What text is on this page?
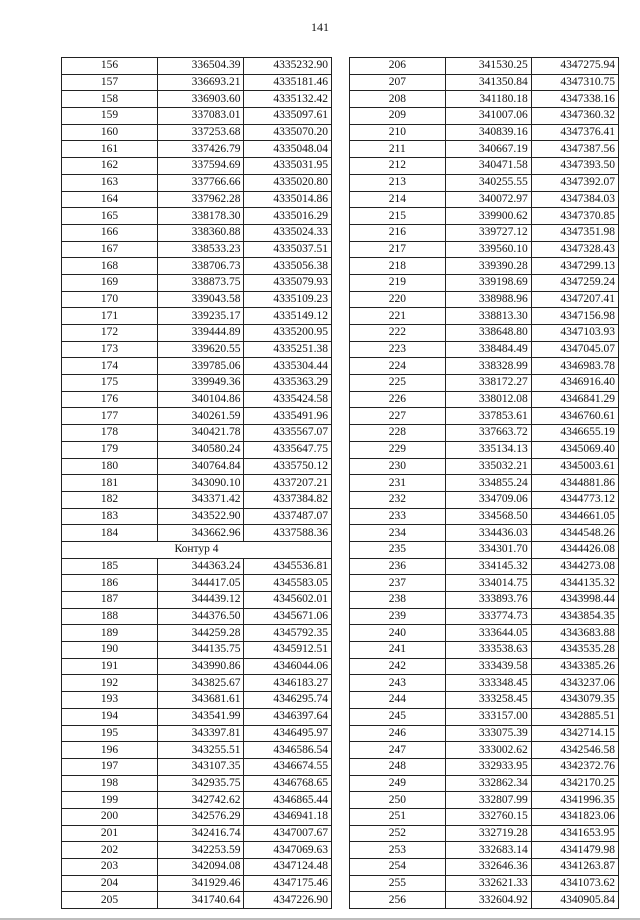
141
156	336504.39	4335232.90
157	336693.21	4335181.46
158	336903.60	4335132.42
159	337083.01	4335097.61
160	337253.68	4335070.20
161	337426.79	4335048.04
162	337594.69	4335031.95
163	337766.66	4335020.80
164	337962.28	4335014.86
165	338178.30	4335016.29
166	338360.88	4335024.33
167	338533.23	4335037.51
168	338706.73	4335056.38
169	338873.75	4335079.93
170	339043.58	4335109.23
171	339235.17	4335149.12
172	339444.89	4335200.95
173	339620.55	4335251.38
174	339785.06	4335304.44
175	339949.36	4335363.29
176	340104.86	4335424.58
177	340261.59	4335491.96
178	340421.78	4335567.07
179	340580.24	4335647.75
180	340764.84	4335750.12
181	343090.10	4337207.21
182	343371.42	4337384.82
183	343522.90	4337487.07
184	343662.96	4337588.36
Контур 4		
185	344363.24	4345536.81
186	344417.05	4345583.05
187	344439.12	4345602.01
188	344376.50	4345671.06
189	344259.28	4345792.35
190	344135.75	4345912.51
191	343990.86	4346044.06
192	343825.67	4346183.27
193	343681.61	4346295.74
194	343541.99	4346397.64
195	343397.81	4346495.97
196	343255.51	4346586.54
197	343107.35	4346674.55
198	342935.75	4346768.65
199	342742.62	4346865.44
200	342576.29	4346941.18
201	342416.74	4347007.67
202	342253.59	4347069.63
203	342094.08	4347124.48
204	341929.46	4347175.46
205	341740.64	4347226.90
206	341530.25	4347275.94
207	341350.84	4347310.75
208	341180.18	4347338.16
209	341007.06	4347360.32
210	340839.16	4347376.41
211	340667.19	4347387.56
212	340471.58	4347393.50
213	340255.55	4347392.07
214	340072.97	4347384.03
215	339900.62	4347370.85
216	339727.12	4347351.98
217	339560.10	4347328.43
218	339390.28	4347299.13
219	339198.69	4347259.24
220	338988.96	4347207.41
221	338813.30	4347156.98
222	338648.80	4347103.93
223	338484.49	4347045.07
224	338328.99	4346983.78
225	338172.27	4346916.40
226	338012.08	4346841.29
227	337853.61	4346760.61
228	337663.72	4346655.19
229	335134.13	4345069.40
230	335032.21	4345003.61
231	334855.24	4344881.86
232	334709.06	4344773.12
233	334568.50	4344661.05
234	334436.03	4344548.26
235	334301.70	4344426.08
236	334145.32	4344273.08
237	334014.75	4344135.32
238	333893.76	4343998.44
239	333774.73	4343854.35
240	333644.05	4343683.88
241	333538.63	4343535.28
242	333439.58	4343385.26
243	333348.45	4343237.06
244	333258.45	4343079.35
245	333157.00	4342885.51
246	333075.39	4342714.15
247	333002.62	4342546.58
248	332933.95	4342372.76
249	332862.34	4342170.25
250	332807.99	4341996.35
251	332760.15	4341823.06
252	332719.28	4341653.95
253	332683.14	4341479.98
254	332646.36	4341263.87
255	332621.33	4341073.62
256	332604.92	4340905.84
